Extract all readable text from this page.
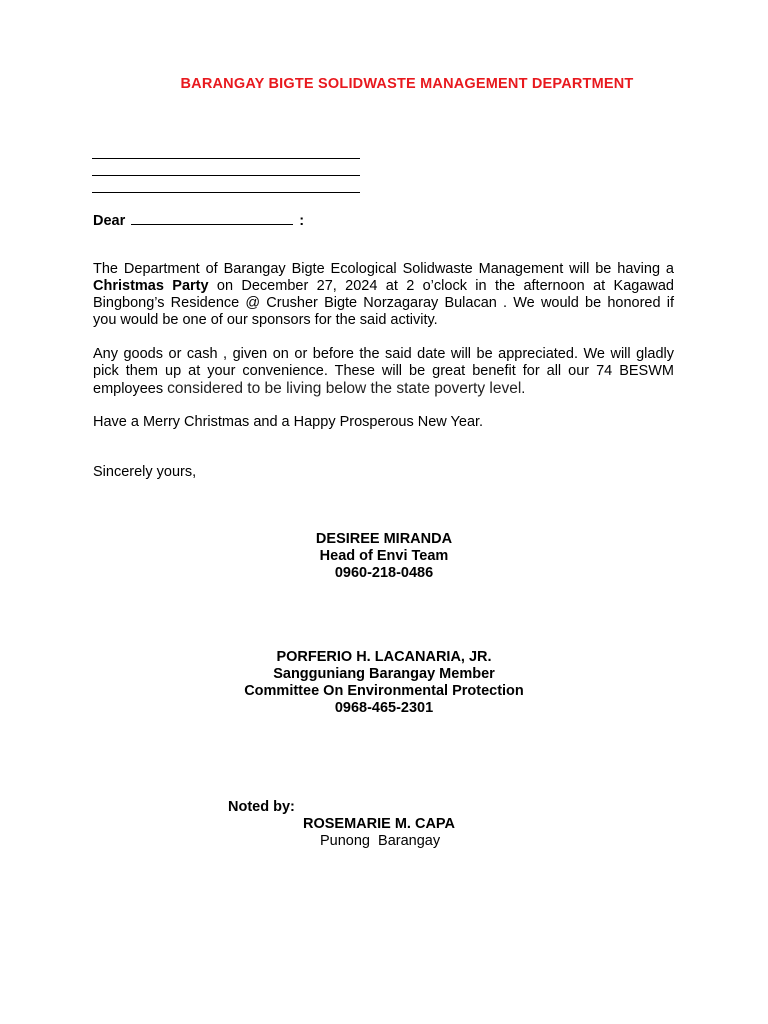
BARANGAY BIGTE SOLIDWASTE MANAGEMENT DEPARTMENT
Dear	:
The Department of Barangay Bigte Ecological Solidwaste Management will be having a Christmas Party on December 27, 2024 at 2 o’clock in the afternoon at Kagawad Bingbong’s Residence @ Crusher Bigte Norzagaray Bulacan . We would be honored if you would be one of our sponsors for the said activity.
Any goods or cash , given on or before the said date will be appreciated. We will gladly pick them up at your convenience. These will be great benefit for all our 74 BESWM employees considered to be living below the state poverty level.
Have a Merry Christmas and a Happy Prosperous New Year.
Sincerely yours,
DESIREE MIRANDA
Head of Envi Team
0960-218-0486
PORFERIO H. LACANARIA, JR.
Sangguniang Barangay Member
Committee On Environmental Protection
0968-465-2301
Noted by:
ROSEMARIE M. CAPA
Punong  Barangay
